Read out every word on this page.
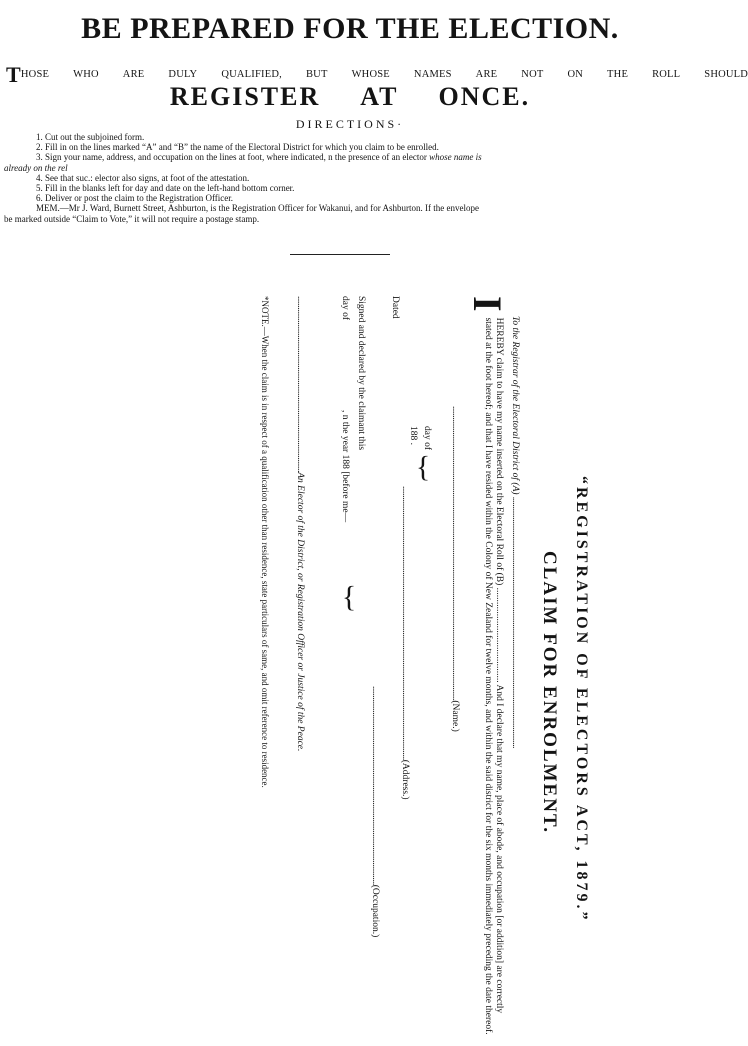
BE PREPARED FOR THE ELECTION.
THOSE WHO ARE DULY QUALIFIED, BUT WHOSE NAMES ARE NOT ON THE ROLL SHOULD
REGISTER AT ONCE.
DIRECTIONS·
1. Cut out the subjoined form.
2. Fill in on the lines marked “A” and “B” the name of the Electoral District for which you claim to be enrolled.
3. Sign your name, address, and occupation on the lines at foot, where indicated, n the presence of an elector whose name is
already on the rel
4. See that suc.: elector also signs, at foot of the attestation.
5. Fill in the blanks left for day and date on the left-hand bottom corner.
6. Deliver or post the claim to the Registration Officer.
MEM.—Mr J. Ward, Burnett Street, Ashburton, is the Registration Officer for Wakanui, and for Ashburton. If the envelope
be marked outside “Claim to Vote,” it will not require a postage stamp.
“REGISTRATION OF ELECTORS ACT, 1879.”
CLAIM FOR ENROLMENT.
To the Registrar of the Electoral District of (A) ......................................................................................................................................
I
HEREBY claim to have my name inserted on the Electoral Roll of (B) ........................................ And I declare that my name, place of abode, and occupation [or addition] are correctly stated at the foot hereof; and that I have resided within the Colony of New Zealand for twelve months, and within the said district for the six months immediately preceding the date thereof.
Dated
.............................................................................................................................................................(Name.)
day of
188 .
}
..................................................................................................................................................(Address.)
Signed and declared by the claimant this
day of, n the year 188 [before me—
}
..........................................................................................................(Occupation.)
..............................................................................................An Elector of the District, or Registration Officer or Justice of the Peace.
*NOTE.—When the claim is in respect of a qualification other than residence, state particulars of same, and omit reference to residence.
